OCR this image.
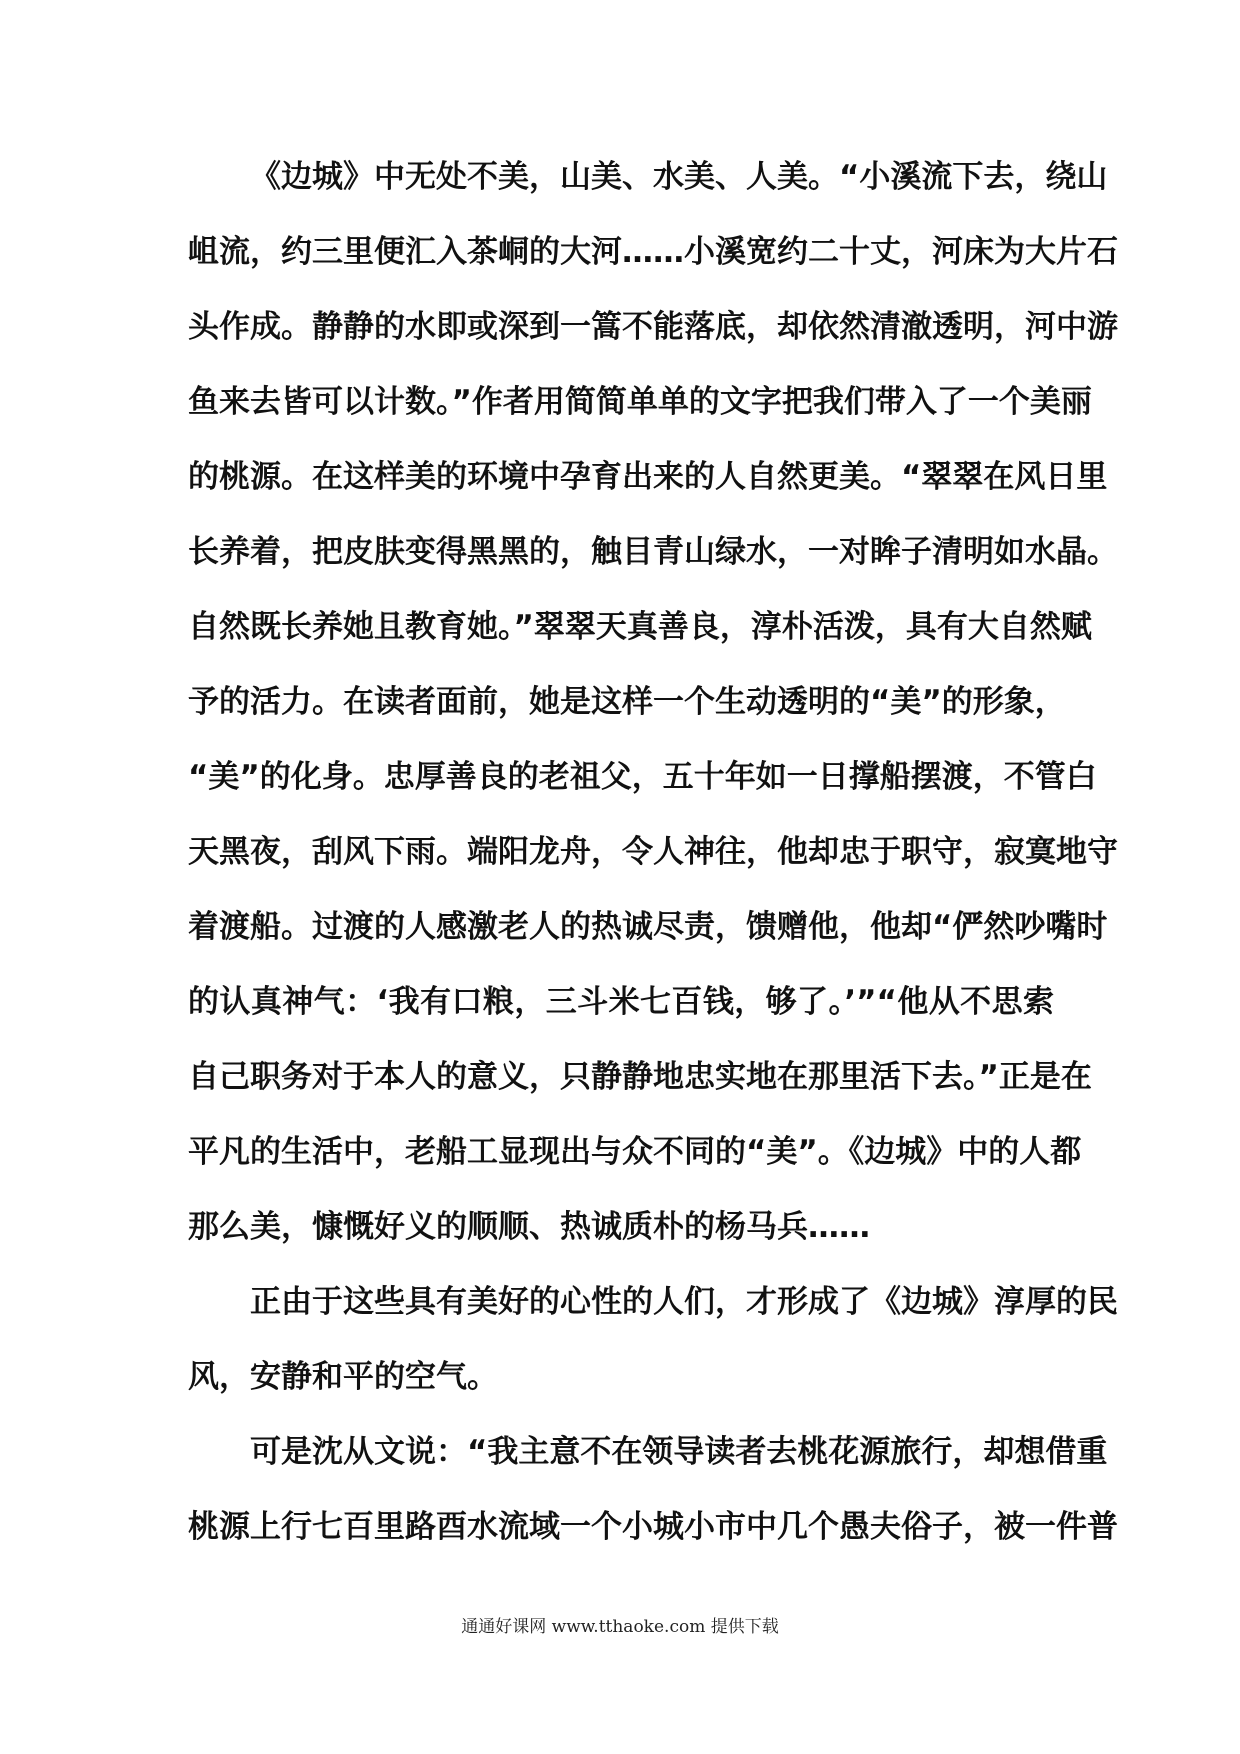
《边城》中无处不美，山美、水美、人美。“小溪流下去，绕山
岨流，约三里便汇入茶峒的大河……小溪宽约二十丈，河床为大片石
头作成。静静的水即或深到一篙不能落底，却依然清澈透明，河中游
鱼来去皆可以计数。”作者用简简单单的文字把我们带入了一个美丽
的桃源。在这样美的环境中孕育出来的人自然更美。“翠翠在风日里
长养着，把皮肤变得黑黑的，触目青山绿水，一对眸子清明如水晶。
自然既长养她且教育她。”翠翠天真善良，淳朴活泼，具有大自然赋
予的活力。在读者面前，她是这样一个生动透明的“美”的形象，
“美”的化身。忠厚善良的老祖父，五十年如一日撑船摆渡，不管白
天黑夜，刮风下雨。端阳龙舟，令人神往，他却忠于职守，寂寞地守
着渡船。过渡的人感激老人的热诚尽责，馈赠他，他却“俨然吵嘴时
的认真神气：‘我有口粮，三斗米七百钱，够了。’”“他从不思索
自己职务对于本人的意义，只静静地忠实地在那里活下去。”正是在
平凡的生活中，老船工显现出与众不同的“美”。《边城》中的人都
那么美，慷慨好义的顺顺、热诚质朴的杨马兵……
正由于这些具有美好的心性的人们，才形成了《边城》淳厚的民
风，安静和平的空气。
可是沈从文说：“我主意不在领导读者去桃花源旅行，却想借重
桃源上行七百里路酉水流域一个小城小市中几个愚夫俗子，被一件普
通通好课网 www.tthaoke.com 提供下载
